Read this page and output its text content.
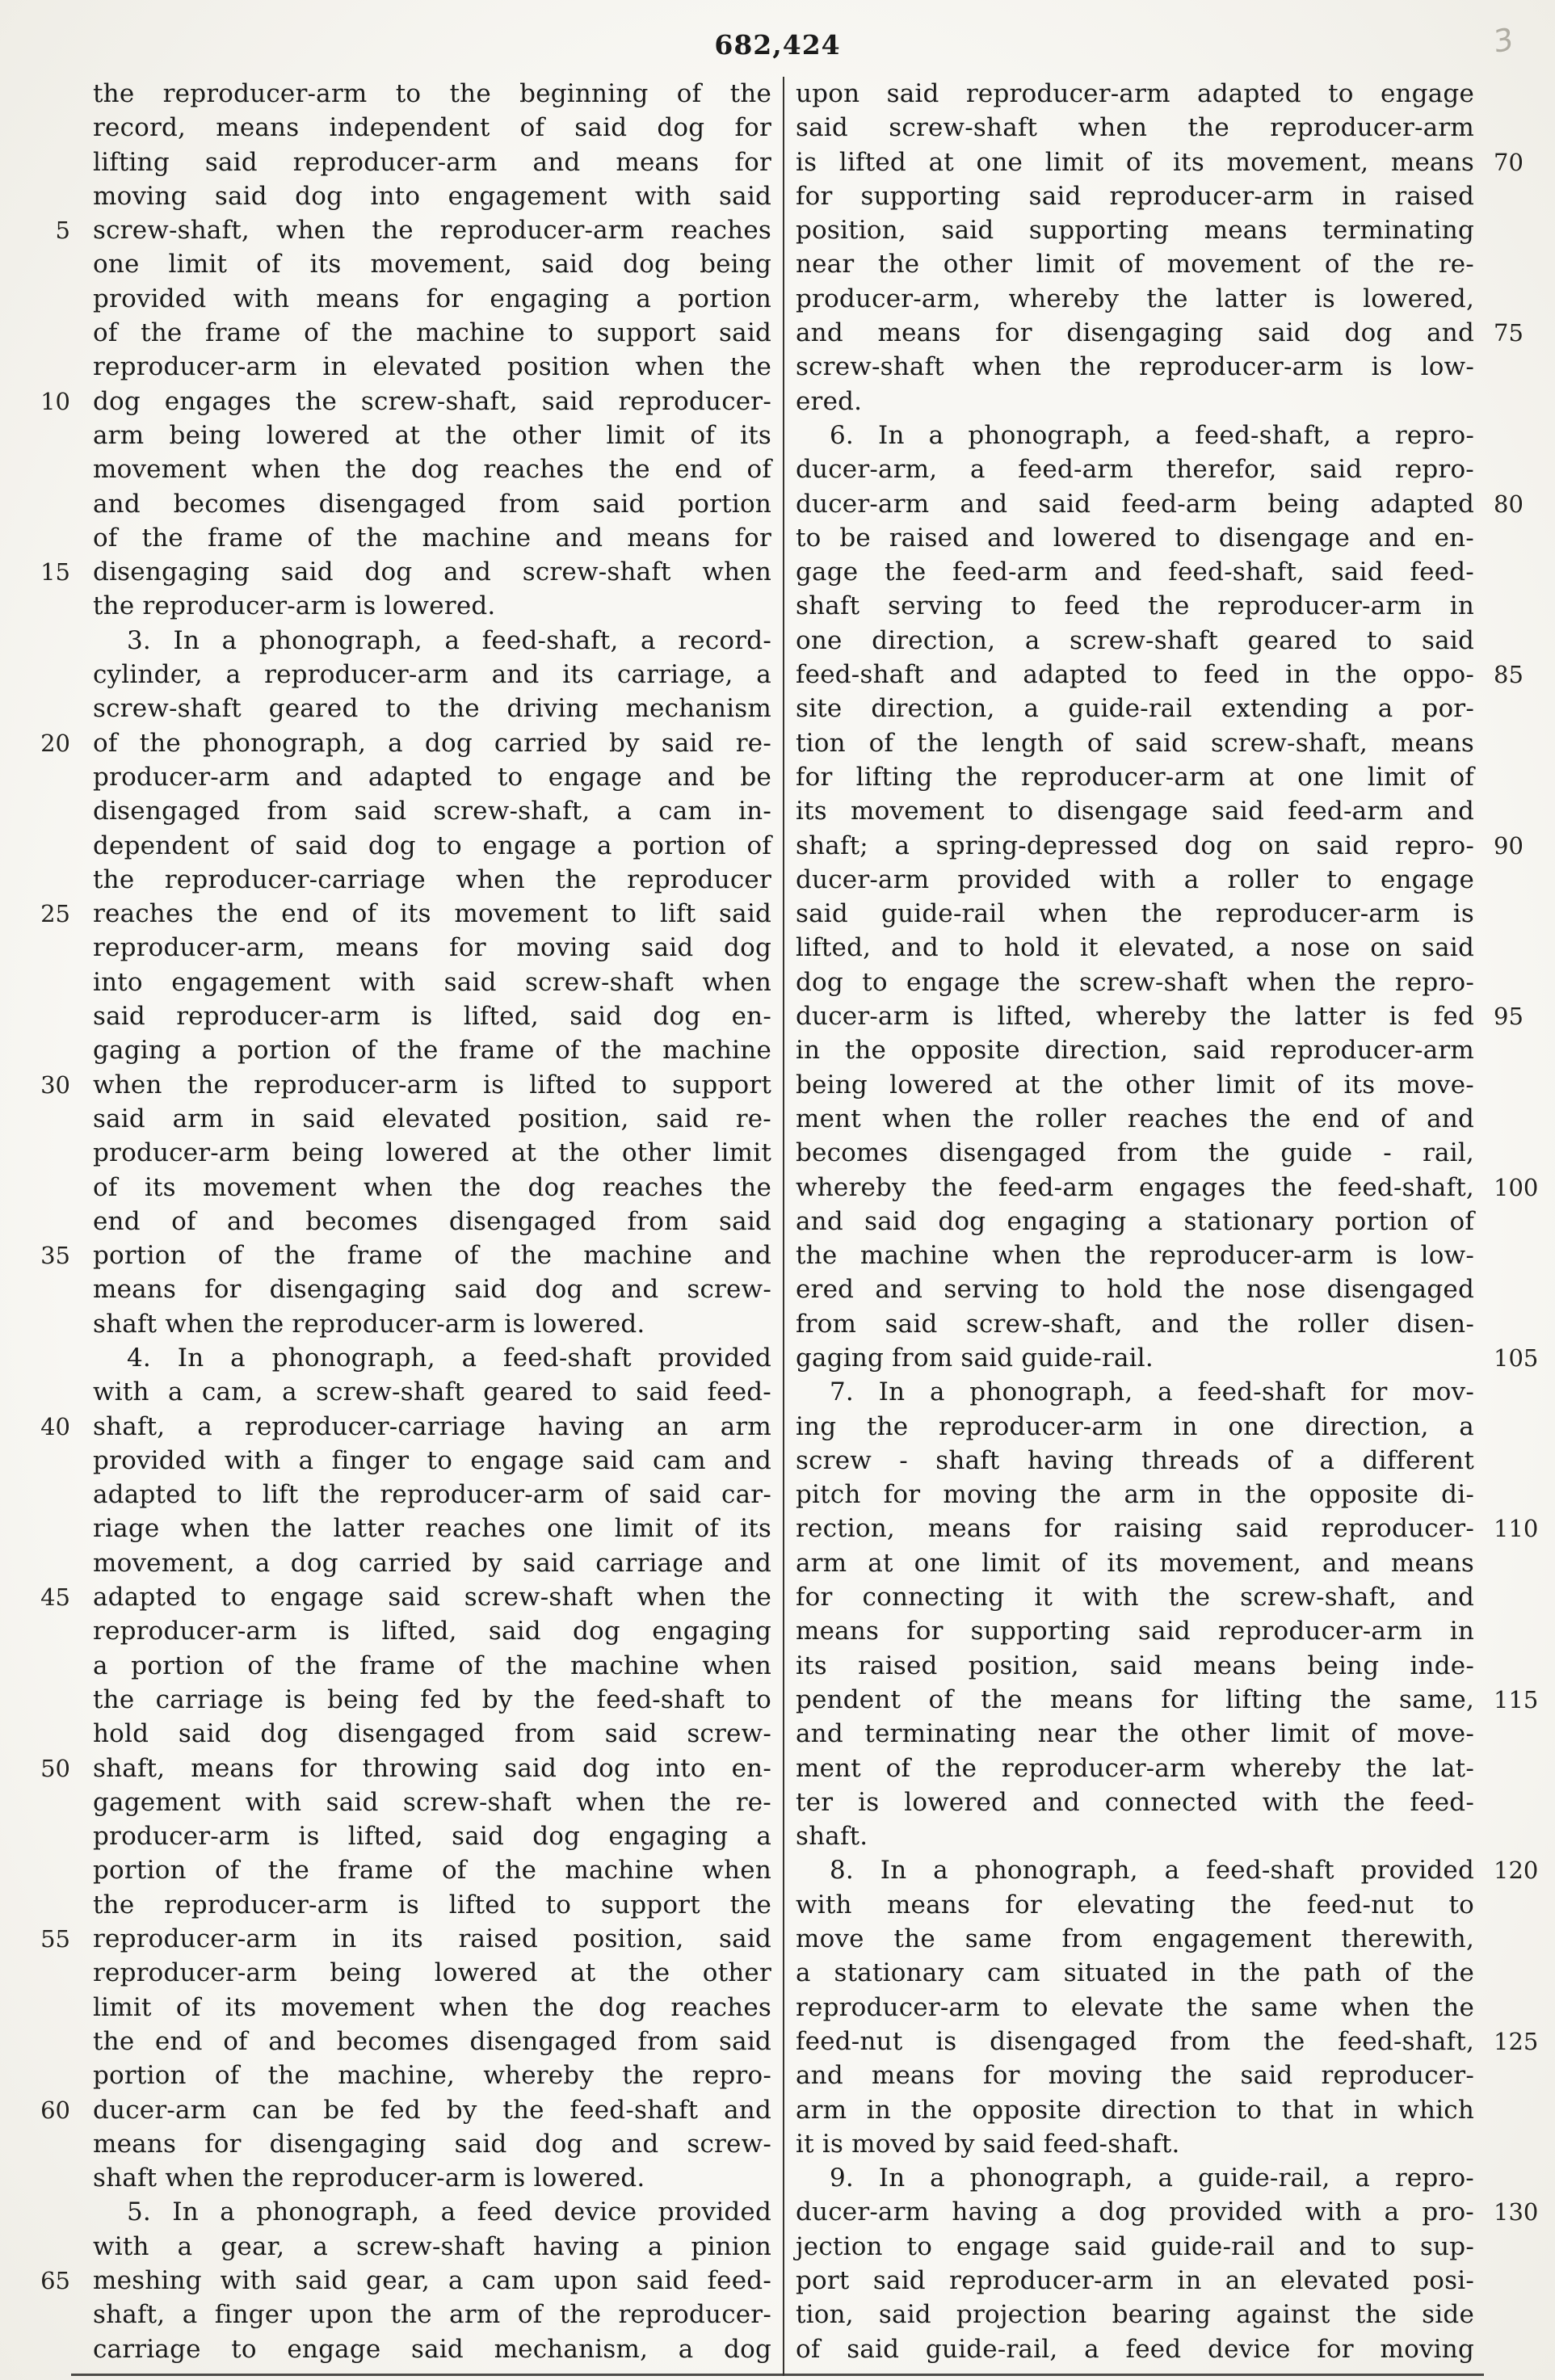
682,424	3
the reproducer-arm to the beginning of the
record, means independent of said dog for
lifting said reproducer-arm and means for
moving said dog into engagement with said
5 screw-shaft, when the reproducer-arm reaches
one limit of its movement, said dog being
provided with means for engaging a portion
of the frame of the machine to support said
reproducer-arm in elevated position when the
10 dog engages the screw-shaft, said reproducer-
arm being lowered at the other limit of its
movement when the dog reaches the end of
and becomes disengaged from said portion
of the frame of the machine and means for
15 disengaging said dog and screw-shaft when
the reproducer-arm is lowered.
3. In a phonograph, a feed-shaft, a record-
cylinder, a reproducer-arm and its carriage, a
screw-shaft geared to the driving mechanism
20 of the phonograph, a dog carried by said re-
producer-arm and adapted to engage and be
disengaged from said screw-shaft, a cam in-
dependent of said dog to engage a portion of
the reproducer-carriage when the reproducer
25 reaches the end of its movement to lift said
reproducer-arm, means for moving said dog
into engagement with said screw-shaft when
said reproducer-arm is lifted, said dog en-
gaging a portion of the frame of the machine
30 when the reproducer-arm is lifted to support
said arm in said elevated position, said re-
producer-arm being lowered at the other limit
of its movement when the dog reaches the
end of and becomes disengaged from said
35 portion of the frame of the machine and
means for disengaging said dog and screw-
shaft when the reproducer-arm is lowered.
4. In a phonograph, a feed-shaft provided
with a cam, a screw-shaft geared to said feed-
40 shaft, a reproducer-carriage having an arm
provided with a finger to engage said cam and
adapted to lift the reproducer-arm of said car-
riage when the latter reaches one limit of its
movement, a dog carried by said carriage and
45 adapted to engage said screw-shaft when the
reproducer-arm is lifted, said dog engaging
a portion of the frame of the machine when
the carriage is being fed by the feed-shaft to
hold said dog disengaged from said screw-
50 shaft, means for throwing said dog into en-
gagement with said screw-shaft when the re-
producer-arm is lifted, said dog engaging a
portion of the frame of the machine when
the reproducer-arm is lifted to support the
55 reproducer-arm in its raised position, said
reproducer-arm being lowered at the other
limit of its movement when the dog reaches
the end of and becomes disengaged from said
portion of the machine, whereby the repro-
60 ducer-arm can be fed by the feed-shaft and
means for disengaging said dog and screw-
shaft when the reproducer-arm is lowered.
5. In a phonograph, a feed device provided
with a gear, a screw-shaft having a pinion
65 meshing with said gear, a cam upon said feed-
shaft, a finger upon the arm of the reproducer-
carriage to engage said mechanism, a dog
upon said reproducer-arm adapted to engage
said screw-shaft when the reproducer-arm
70
is lifted at one limit of its movement, means
for supporting said reproducer-arm in raised
position, said supporting means terminating
near the other limit of movement of the re-
producer-arm, whereby the latter is lowered,
75
and means for disengaging said dog and
screw-shaft when the reproducer-arm is low-
ered.
6. In a phonograph, a feed-shaft, a repro-
ducer-arm, a feed-arm therefor, said repro-
80
ducer-arm and said feed-arm being adapted
to be raised and lowered to disengage and en-
gage the feed-arm and feed-shaft, said feed-
shaft serving to feed the reproducer-arm in
one direction, a screw-shaft geared to said
85
feed-shaft and adapted to feed in the oppo-
site direction, a guide-rail extending a por-
tion of the length of said screw-shaft, means
for lifting the reproducer-arm at one limit of
its movement to disengage said feed-arm and
90
shaft; a spring-depressed dog on said repro-
ducer-arm provided with a roller to engage
said guide-rail when the reproducer-arm is
lifted, and to hold it elevated, a nose on said
dog to engage the screw-shaft when the repro-
95
ducer-arm is lifted, whereby the latter is fed
in the opposite direction, said reproducer-arm
being lowered at the other limit of its move-
ment when the roller reaches the end of and
becomes disengaged from the guide - rail,
100
whereby the feed-arm engages the feed-shaft,
and said dog engaging a stationary portion of
the machine when the reproducer-arm is low-
ered and serving to hold the nose disengaged
from said screw-shaft, and the roller disen-
105
gaging from said guide-rail.
7. In a phonograph, a feed-shaft for mov-
ing the reproducer-arm in one direction, a
screw - shaft having threads of a different
pitch for moving the arm in the opposite di-
110
rection, means for raising said reproducer-
arm at one limit of its movement, and means
for connecting it with the screw-shaft, and
means for supporting said reproducer-arm in
its raised position, said means being inde-
115
pendent of the means for lifting the same,
and terminating near the other limit of move-
ment of the reproducer-arm whereby the lat-
ter is lowered and connected with the feed-
shaft.
120
8. In a phonograph, a feed-shaft provided
with means for elevating the feed-nut to
move the same from engagement therewith,
a stationary cam situated in the path of the
reproducer-arm to elevate the same when the
125
feed-nut is disengaged from the feed-shaft,
and means for moving the said reproducer-
arm in the opposite direction to that in which
it is moved by said feed-shaft.
9. In a phonograph, a guide-rail, a repro-
130
ducer-arm having a dog provided with a pro-
jection to engage said guide-rail and to sup-
port said reproducer-arm in an elevated posi-
tion, said projection bearing against the side
of said guide-rail, a feed device for moving
